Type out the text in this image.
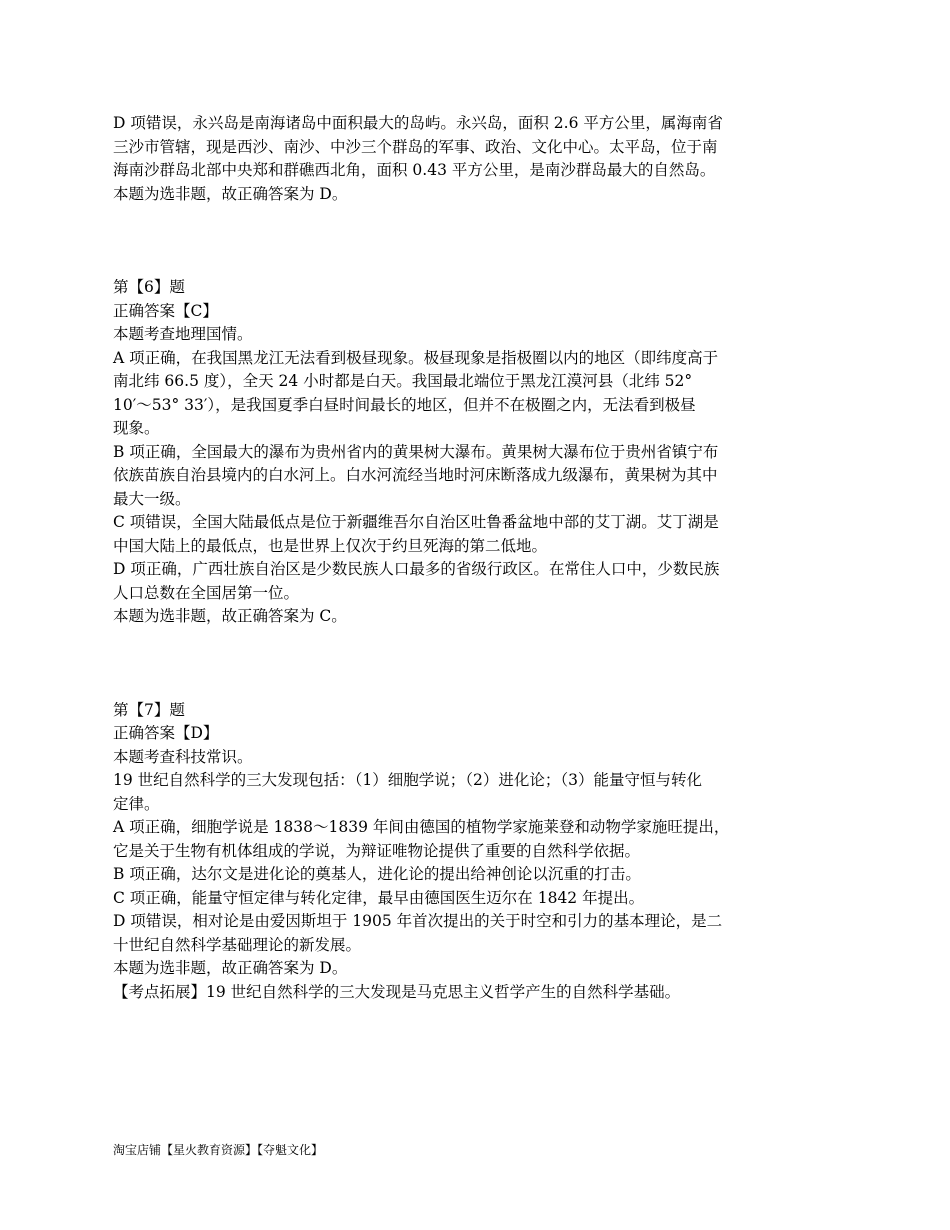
D 项错误，永兴岛是南海诸岛中面积最大的岛屿。永兴岛，面积 2.6 平方公里，属海南省
三沙市管辖，现是西沙、南沙、中沙三个群岛的军事、政治、文化中心。太平岛，位于南
海南沙群岛北部中央郑和群礁西北角，面积 0.43 平方公里，是南沙群岛最大的自然岛。
本题为选非题，故正确答案为 D。
第【6】题
正确答案【C】
本题考查地理国情。
A 项正确，在我国黑龙江无法看到极昼现象。极昼现象是指极圈以内的地区（即纬度高于
南北纬 66.5 度），全天 24 小时都是白天。我国最北端位于黑龙江漠河县（北纬 52°
10′～53° 33′），是我国夏季白昼时间最长的地区，但并不在极圈之内，无法看到极昼
现象。
B 项正确，全国最大的瀑布为贵州省内的黄果树大瀑布。黄果树大瀑布位于贵州省镇宁布
依族苗族自治县境内的白水河上。白水河流经当地时河床断落成九级瀑布，黄果树为其中
最大一级。
C 项错误，全国大陆最低点是位于新疆维吾尔自治区吐鲁番盆地中部的艾丁湖。艾丁湖是
中国大陆上的最低点，也是世界上仅次于约旦死海的第二低地。
D 项正确，广西壮族自治区是少数民族人口最多的省级行政区。在常住人口中，少数民族
人口总数在全国居第一位。
本题为选非题，故正确答案为 C。
第【7】题
正确答案【D】
本题考查科技常识。
19 世纪自然科学的三大发现包括：（1）细胞学说；（2）进化论；（3）能量守恒与转化
定律。
A 项正确，细胞学说是 1838～1839 年间由德国的植物学家施莱登和动物学家施旺提出，
它是关于生物有机体组成的学说，为辩证唯物论提供了重要的自然科学依据。
B 项正确，达尔文是进化论的奠基人，进化论的提出给神创论以沉重的打击。
C 项正确，能量守恒定律与转化定律，最早由德国医生迈尔在 1842 年提出。
D 项错误，相对论是由爱因斯坦于 1905 年首次提出的关于时空和引力的基本理论，是二
十世纪自然科学基础理论的新发展。
本题为选非题，故正确答案为 D。
【考点拓展】19 世纪自然科学的三大发现是马克思主义哲学产生的自然科学基础。
淘宝店铺【星火教育资源】【夺魁文化】
